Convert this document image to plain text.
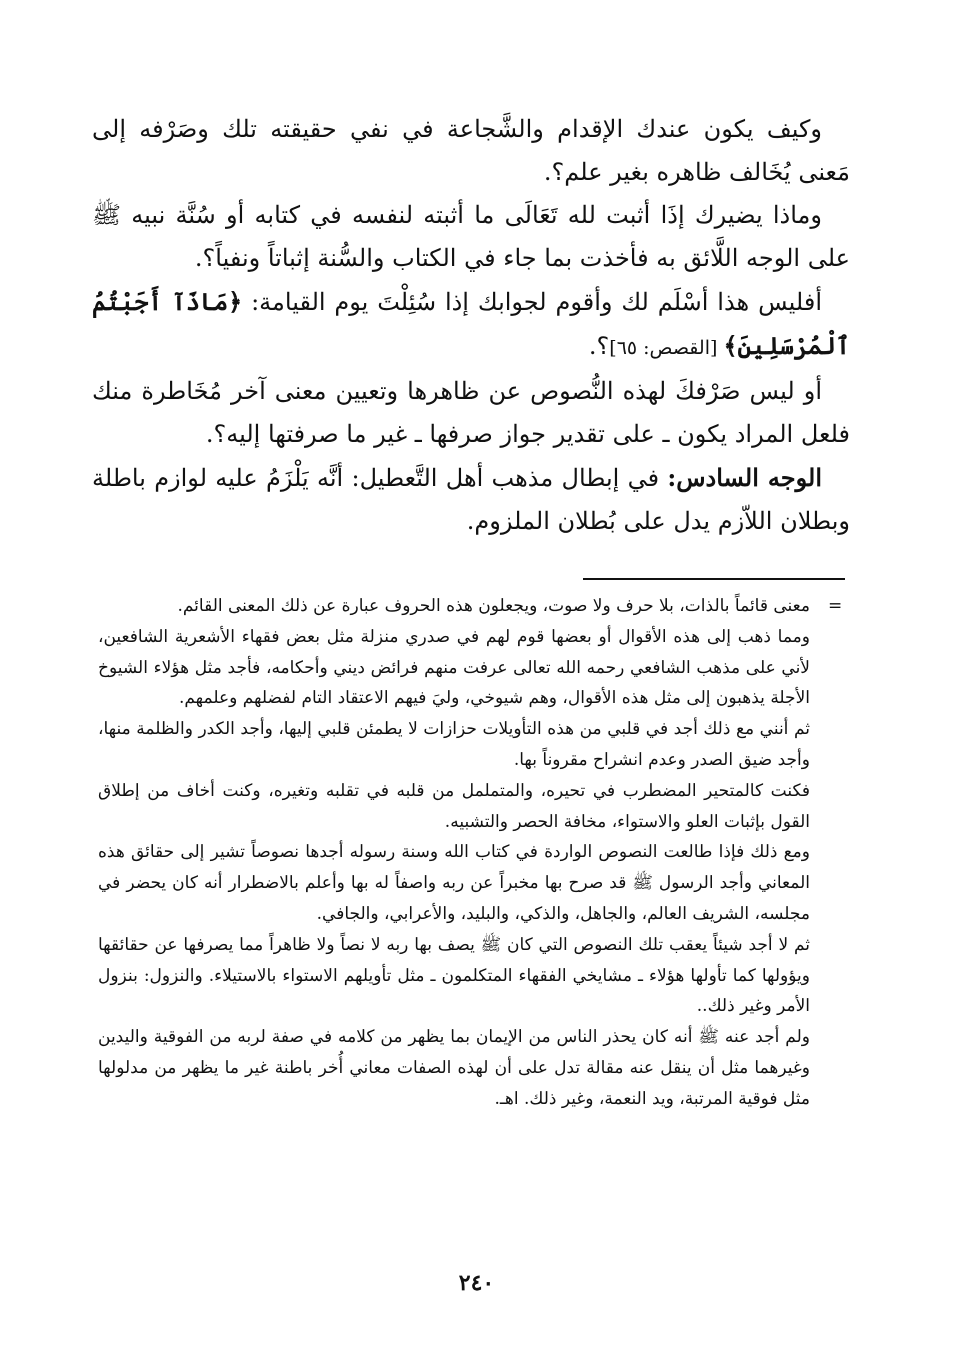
وكيف يكون عندك الإقدام والشَّجاعة في نفي حقيقته تلك وصَرْفه إلى مَعنى يُخَالف ظاهره بغير علم؟.

وماذا يضيرك إذَا أثبت لله تَعَالَى ما أثبته لنفسه في كتابه أو سُنَّة نبيه ﷺ على الوجه اللَّائق به فأخذت بما جاء في الكتاب والسُّنة إثباتاً ونفياً؟.

أفليس هذا أسْلَم لك وأقوم لجوابك إذا سُئِلْتَ يوم القيامة: ﴿مَاذَآ أَجَبْتُمُ ٱلْمُرْسَلِينَ﴾ [القصص: ٦٥]؟.

أو ليس صَرْفكَ لهذه النُّصوص عن ظاهرها وتعيين معنى آخر مُخَاطرة منك فلعل المراد يكون ـ على تقدير جواز صرفها ـ غير ما صرفتها إليه؟.

الوجه السادس: في إبطال مذهب أهل التَّعطيل: أنَّه يَلْزَمُ عليه لوازم باطلة وبطلان اللاّزم يدل على بُطلان الملزوم.

=

معنى قائماً بالذات، بلا حرف ولا صوت، ويجعلون هذه الحروف عبارة عن ذلك المعنى القائم.

ومما ذهب إلى هذه الأقوال أو بعضها قوم لهم في صدري منزلة مثل بعض فقهاء الأشعرية الشافعين، لأني على مذهب الشافعي رحمه الله تعالى عرفت منهم فرائض ديني وأحكامه، فأجد مثل هؤلاء الشيوخ الأجلة يذهبون إلى مثل هذه الأقوال، وهم شيوخي، وليَ فيهم الاعتقاد التام لفضلهم وعلمهم.

ثم أنني مع ذلك أجد في قلبي من هذه التأويلات حزازات لا يطمئن قلبي إليها، وأجد الكدر والظلمة منها، وأجد ضيق الصدر وعدم انشراح مقروناً بها.

فكنت كالمتحير المضطرب في تحيره، والمتململ من قلبه في تقلبه وتغيره، وكنت أخاف من إطلاق القول بإثبات العلو والاستواء، مخافة الحصر والتشبيه.

ومع ذلك فإذا طالعت النصوص الواردة في كتاب الله وسنة رسوله أجدها نصوصاً تشير إلى حقائق هذه المعاني وأجد الرسول ﷺ قد صرح بها مخبراً عن ربه واصفاً له بها وأعلم بالاضطرار أنه كان يحضر في مجلسه، الشريف العالم، والجاهل، والذكي، والبليد، والأعرابي، والجافي.

ثم لا أجد شيئاً يعقب تلك النصوص التي كان ﷺ يصف بها ربه لا نصاً ولا ظاهراً مما يصرفها عن حقائقها ويؤولها كما تأولها هؤلاء ـ مشايخي الفقهاء المتكلمون ـ مثل تأويلهم الاستواء بالاستيلاء. والنزول: بنزول الأمر وغير ذلك..

ولم أجد عنه ﷺ أنه كان يحذر الناس من الإيمان بما يظهر من كلامه في صفة لربه من الفوقية واليدين وغيرهما مثل أن ينقل عنه مقالة تدل على أن لهذه الصفات معاني أُخر باطنة غير ما يظهر من مدلولها مثل فوقية المرتبة، ويد النعمة، وغير ذلك. اهـ.

٢٤٠
